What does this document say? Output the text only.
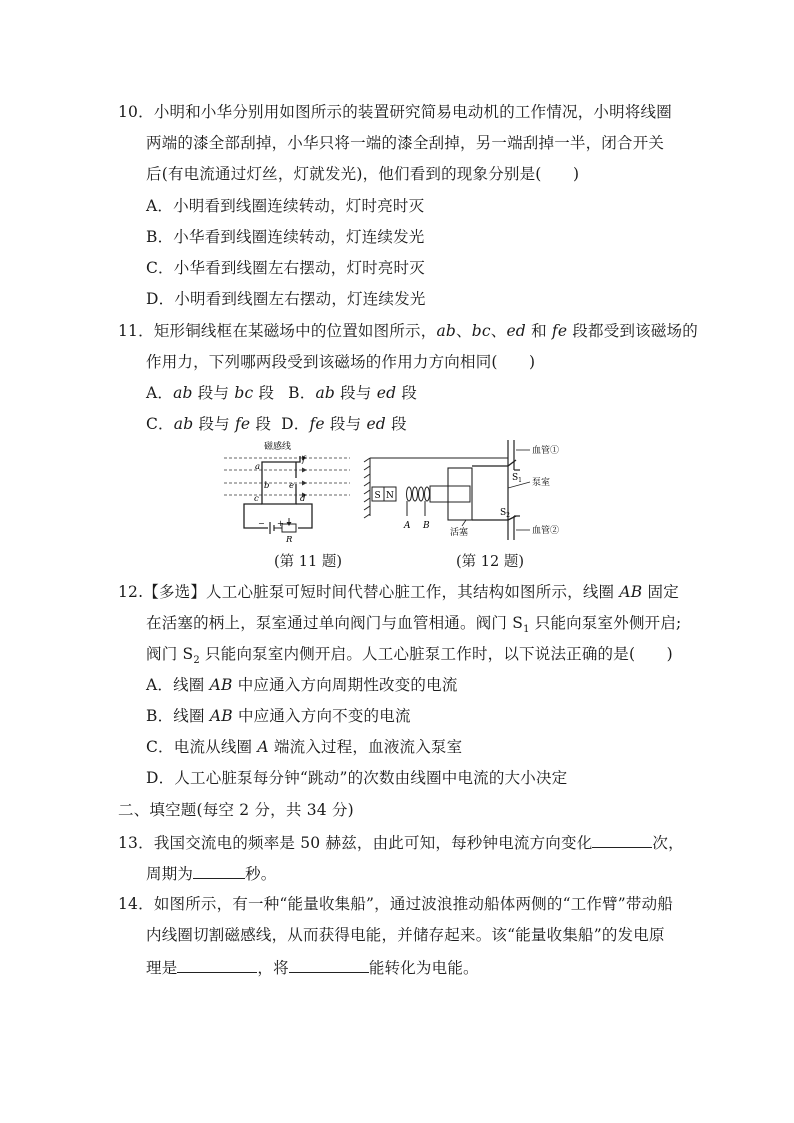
10．小明和小华分别用如图所示的装置研究简易电动机的工作情况，小明将线圈
两端的漆全部刮掉，小华只将一端的漆全刮掉，另一端刮掉一半，闭合开关
后(有电流通过灯丝，灯就发光)，他们看到的现象分别是(　　)
A．小明看到线圈连续转动，灯时亮时灭
B．小华看到线圈连续转动，灯连续发光
C．小华看到线圈左右摆动，灯时亮时灭
D．小明看到线圈左右摆动，灯连续发光
11．矩形铜线框在某磁场中的位置如图所示，ab、bc、ed 和 fe 段都受到该磁场的
作用力，下列哪两段受到该磁场的作用力方向相同(　　)
A．ab 段与 bc 段 B．ab 段与 ed 段
C．ab 段与 fe 段 D．fe 段与 ed 段
磁感线
− +
R
a
b
c	d
e
f
S N
A B
活塞
$S_1$
$S_2$
血管①
泵室
血管②
(第 11 题)	(第 12 题)
12.【多选】人工心脏泵可短时间代替心脏工作，其结构如图所示，线圈 AB 固定
在活塞的柄上，泵室通过单向阀门与血管相通。阀门 $S_1$ 只能向泵室外侧开启;
阀门 $S_2$ 只能向泵室内侧开启。人工心脏泵工作时，以下说法正确的是(　　)
A．线圈 AB 中应通入方向周期性改变的电流
B．线圈 AB 中应通入方向不变的电流
C．电流从线圈 A 端流入过程，血液流入泵室
D．人工心脏泵每分钟“跳动”的次数由线圈中电流的大小决定
二、填空题(每空 2 分，共 34 分)
13．我国交流电的频率是 50 赫兹，由此可知，每秒钟电流方向变化	次，
周期为	秒。
14．如图所示，有一种“能量收集船”，通过波浪推动船体两侧的“工作臂”带动船
内线圈切割磁感线，从而获得电能，并储存起来。该“能量收集船”的发电原
理是	，将	能转化为电能。
